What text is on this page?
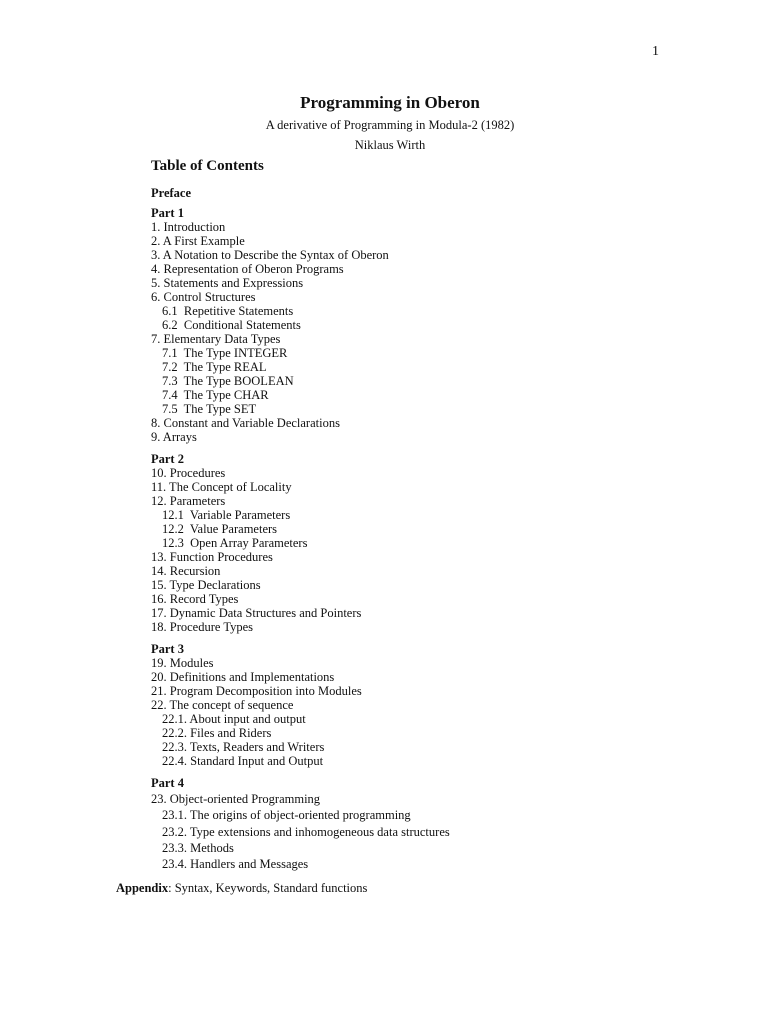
1
Programming in Oberon
A derivative of Programming in Modula-2 (1982)
Niklaus Wirth
Table of Contents
Preface
Part 1
1. Introduction
2. A First Example
3. A Notation to Describe the Syntax of Oberon
4. Representation of Oberon Programs
5. Statements and Expressions
6. Control Structures
6.1  Repetitive Statements
6.2  Conditional Statements
7. Elementary Data Types
7.1  The Type INTEGER
7.2  The Type REAL
7.3  The Type BOOLEAN
7.4  The Type CHAR
7.5  The Type SET
8. Constant and Variable Declarations
9. Arrays
Part 2
10. Procedures
11. The Concept of Locality
12. Parameters
12.1  Variable Parameters
12.2  Value Parameters
12.3  Open Array Parameters
13. Function Procedures
14. Recursion
15. Type Declarations
16. Record Types
17. Dynamic Data Structures and Pointers
18. Procedure Types
Part 3
19. Modules
20. Definitions and Implementations
21. Program Decomposition into Modules
22. The concept of sequence
22.1. About input and output
22.2. Files and Riders
22.3. Texts, Readers and Writers
22.4. Standard Input and Output
Part 4
23. Object-oriented Programming
23.1. The origins of object-oriented programming
23.2. Type extensions and inhomogeneous data structures
23.3. Methods
23.4. Handlers and Messages
Appendix: Syntax, Keywords, Standard functions
